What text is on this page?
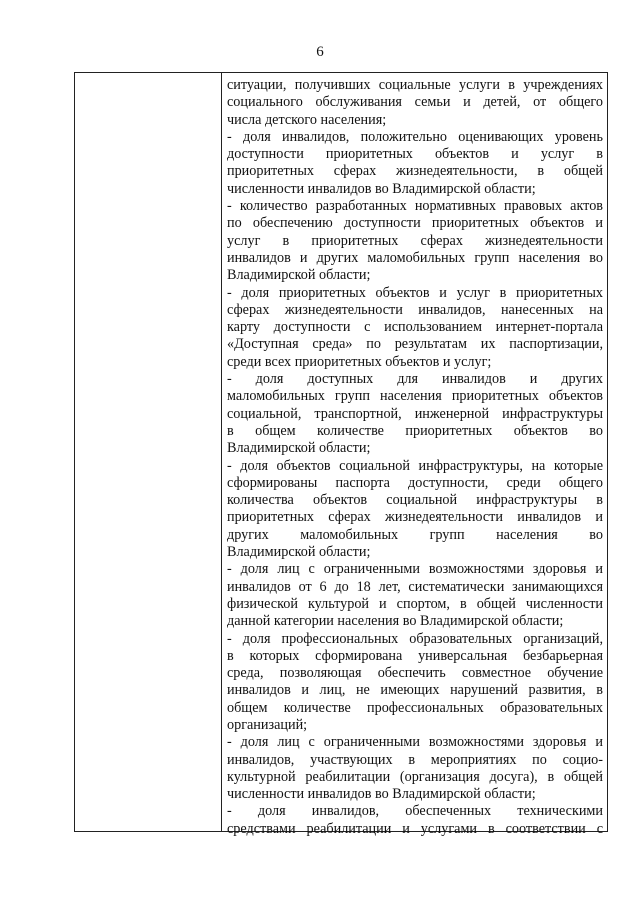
6
ситуации, получивших социальные услуги в учреждениях
социального обслуживания семьи и детей, от общего
числа детского населения;
- доля инвалидов, положительно оценивающих уровень
доступности приоритетных объектов и услуг в
приоритетных сферах жизнедеятельности, в общей
численности инвалидов во Владимирской области;
- количество разработанных нормативных правовых актов
по обеспечению доступности приоритетных объектов и
услуг в приоритетных сферах жизнедеятельности
инвалидов и других маломобильных групп населения во
Владимирской области;
- доля приоритетных объектов и услуг в приоритетных
сферах жизнедеятельности инвалидов, нанесенных на
карту доступности с использованием интернет-портала
«Доступная среда» по результатам их паспортизации,
среди всех приоритетных объектов и услуг;
- доля доступных для инвалидов и других
маломобильных групп населения приоритетных объектов
социальной, транспортной, инженерной инфраструктуры
в общем количестве приоритетных объектов во
Владимирской области;
- доля объектов социальной инфраструктуры, на которые
сформированы паспорта доступности, среди общего
количества объектов социальной инфраструктуры в
приоритетных сферах жизнедеятельности инвалидов и
других маломобильных групп населения во
Владимирской области;
- доля лиц с ограниченными возможностями здоровья и
инвалидов от 6 до 18 лет, систематически занимающихся
физической культурой и спортом, в общей численности
данной категории населения во Владимирской области;
- доля профессиональных образовательных организаций,
в которых сформирована универсальная безбарьерная
среда, позволяющая обеспечить совместное обучение
инвалидов и лиц, не имеющих нарушений развития, в
общем количестве профессиональных образовательных
организаций;
- доля лиц с ограниченными возможностями здоровья и
инвалидов, участвующих в мероприятиях по социо-
культурной реабилитации (организация досуга), в общей
численности инвалидов во Владимирской области;
- доля инвалидов, обеспеченных техническими
средствами реабилитации и услугами в соответствии с
